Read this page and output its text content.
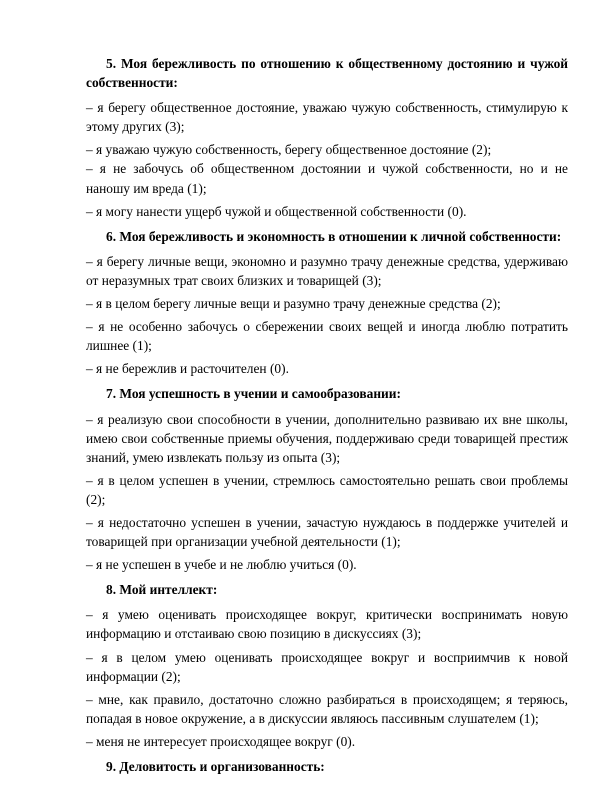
5. Моя бережливость по отношению к общественному достоянию и чужой собственности:

– я берегу общественное достояние, уважаю чужую собственность, стимулирую к этому других (3);

– я уважаю чужую собственность, берегу общественное достояние (2);

– я не забочусь об общественном достоянии и чужой собственности, но и не наношу им вреда (1);

– я могу нанести ущерб чужой и общественной собственности (0).

6. Моя бережливость и экономность в отношении к личной собственности:

– я берегу личные вещи, экономно и разумно трачу денежные средства, удерживаю от неразумных трат своих близких и товарищей (3);

– я в целом берегу личные вещи и разумно трачу денежные средства (2);

– я не особенно забочусь о сбережении своих вещей и иногда люблю потратить лишнее (1);

– я не бережлив и расточителен (0).

7. Моя успешность в учении и самообразовании:

– я реализую свои способности в учении, дополнительно развиваю их вне школы, имею свои собственные приемы обучения, поддерживаю среди товарищей престиж знаний, умею извлекать пользу из опыта (3);

– я в целом успешен в учении, стремлюсь самостоятельно решать свои проблемы (2);

– я недостаточно успешен в учении, зачастую нуждаюсь в поддержке учителей и товарищей при организации учебной деятельности (1);

– я не успешен в учебе и не люблю учиться (0).

8. Мой интеллект:

– я умею оценивать происходящее вокруг, критически воспринимать новую информацию и отстаиваю свою позицию в дискуссиях (3);

– я в целом умею оценивать происходящее вокруг и восприимчив к новой информации (2);

– мне, как правило, достаточно сложно разбираться в происходящем; я теряюсь, попадая в новое окружение, а в дискуссии являюсь пассивным слушателем (1);

– меня не интересует происходящее вокруг (0).

9. Деловитость и организованность:
